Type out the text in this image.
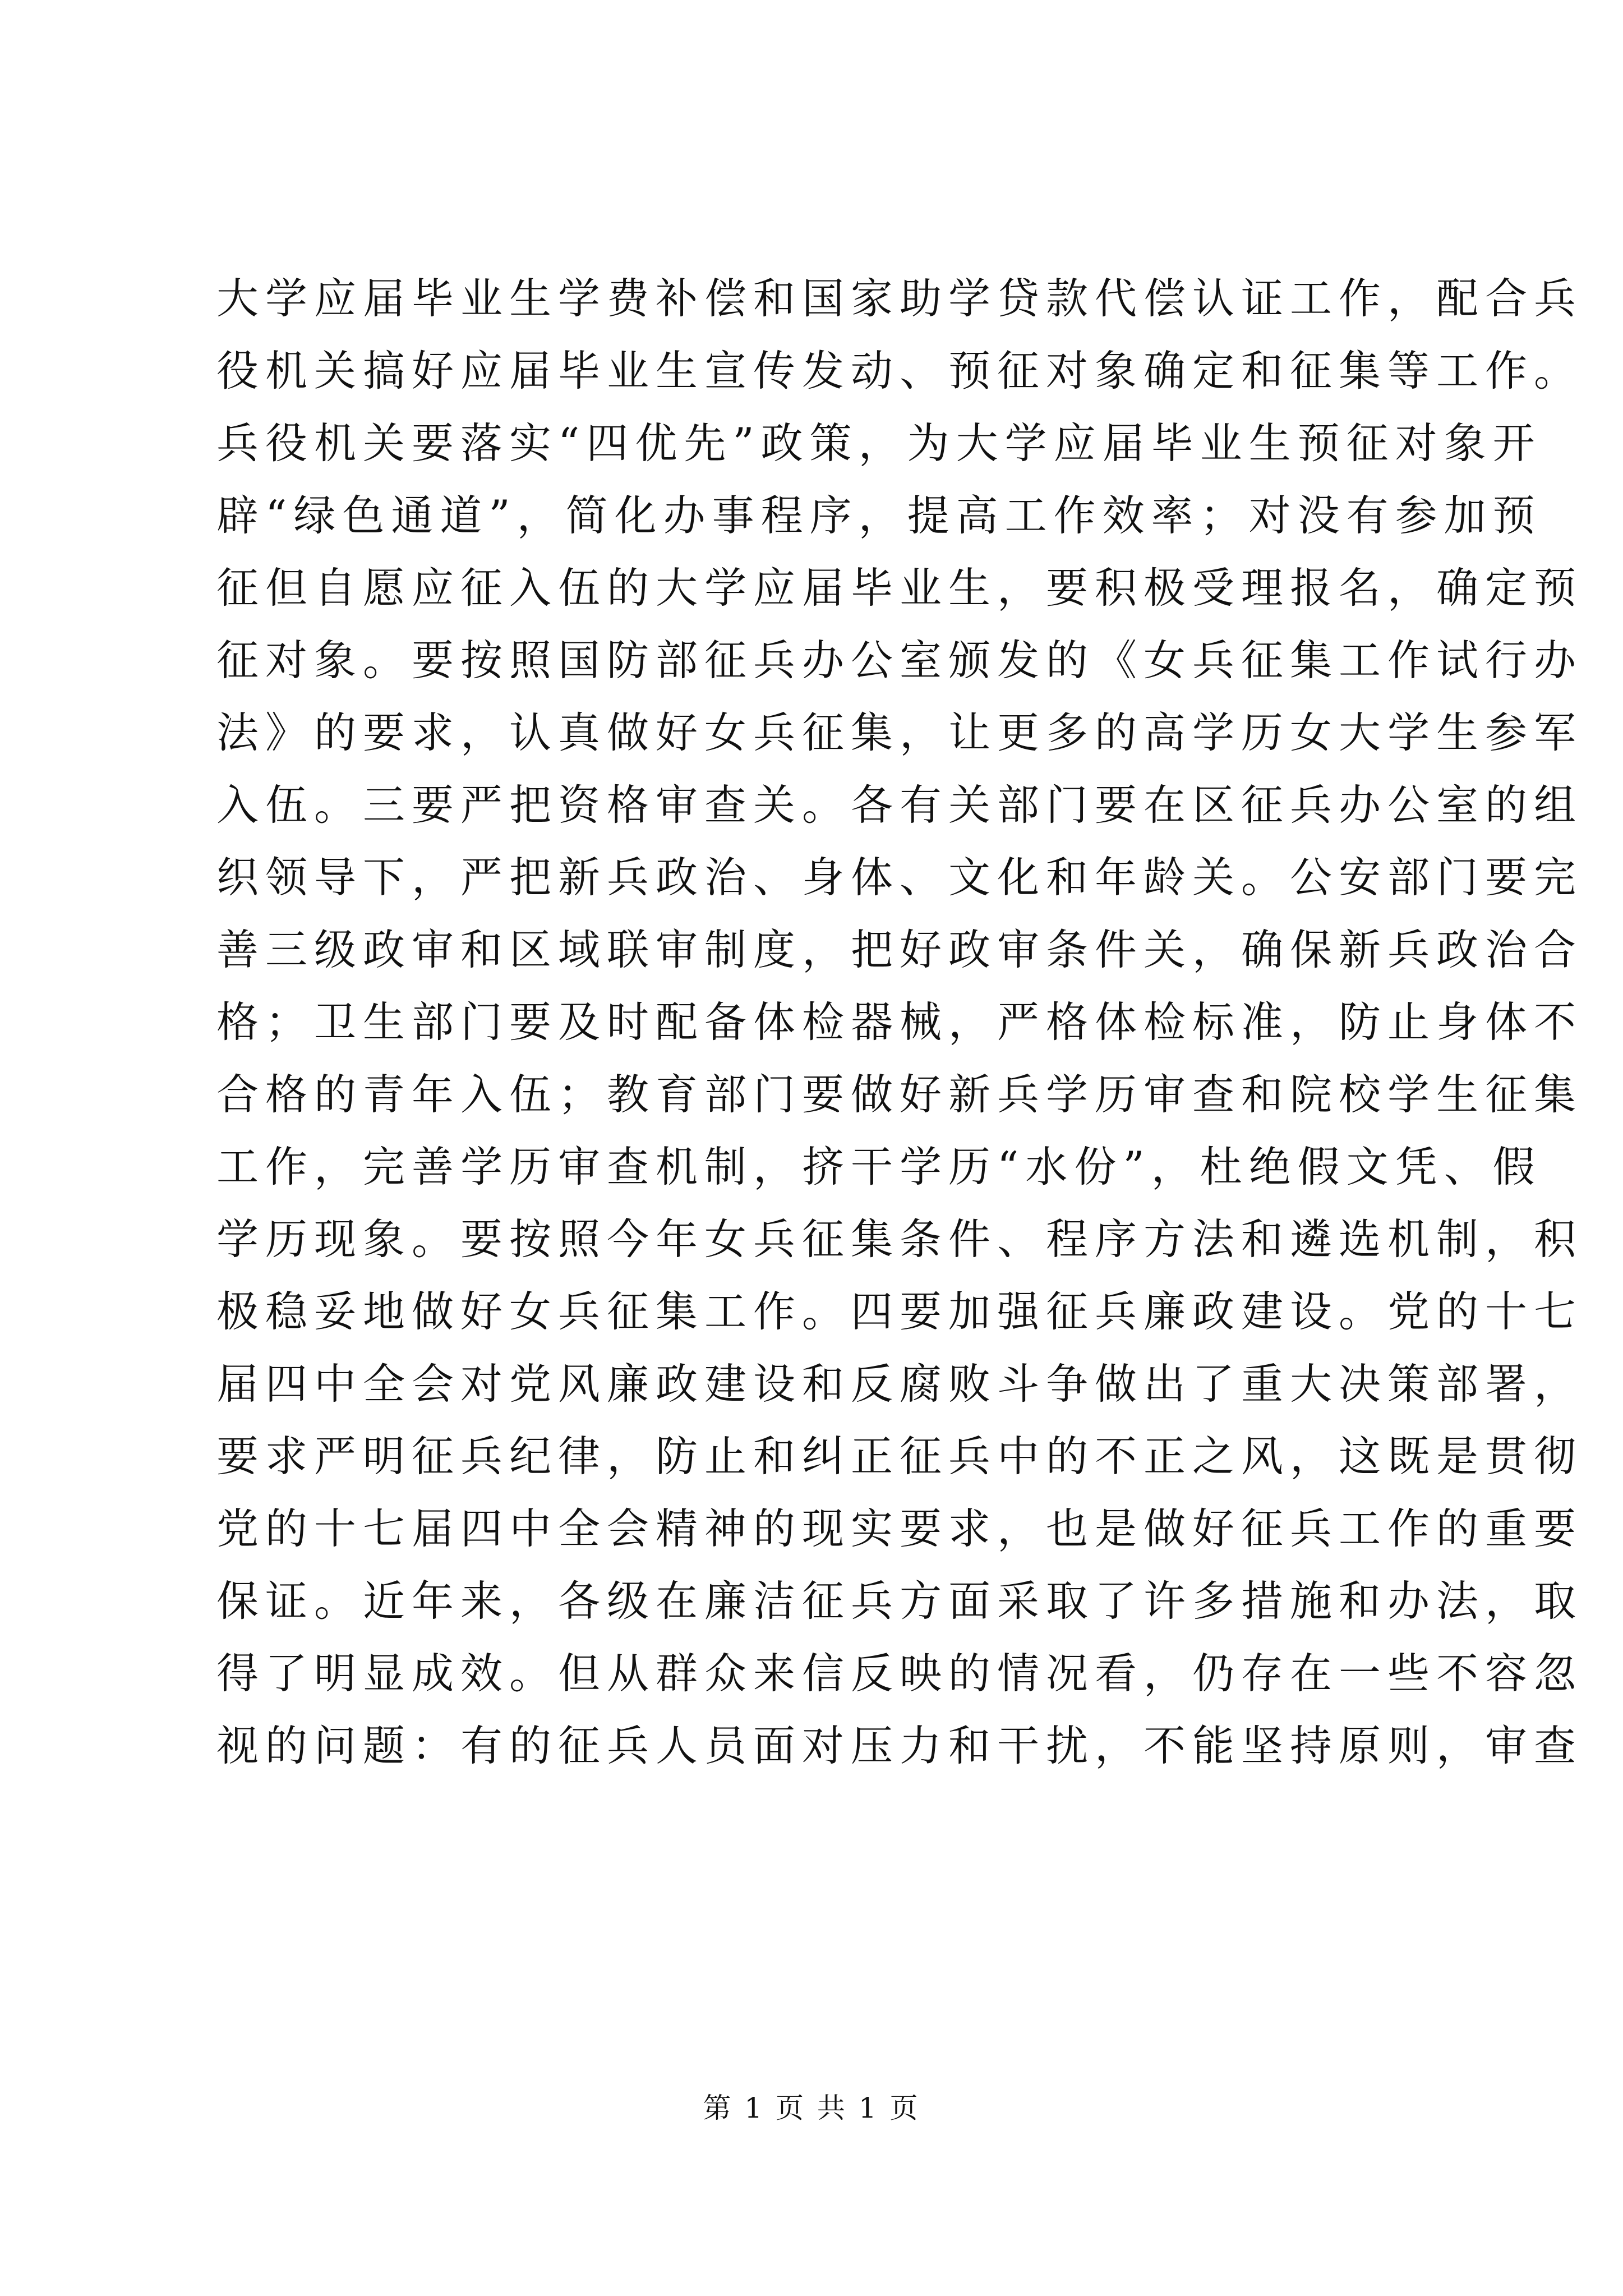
大学应届毕业生学费补偿和国家助学贷款代偿认证工作，配合兵
役机关搞好应届毕业生宣传发动、预征对象确定和征集等工作。
兵役机关要落实“四优先”政策，为大学应届毕业生预征对象开
辟“绿色通道”，简化办事程序，提高工作效率；对没有参加预
征但自愿应征入伍的大学应届毕业生，要积极受理报名，确定预
征对象。要按照国防部征兵办公室颁发的《女兵征集工作试行办
法》的要求，认真做好女兵征集，让更多的高学历女大学生参军
入伍。三要严把资格审查关。各有关部门要在区征兵办公室的组
织领导下，严把新兵政治、身体、文化和年龄关。公安部门要完
善三级政审和区域联审制度，把好政审条件关，确保新兵政治合
格；卫生部门要及时配备体检器械，严格体检标准，防止身体不
合格的青年入伍；教育部门要做好新兵学历审查和院校学生征集
工作，完善学历审查机制，挤干学历“水份”，杜绝假文凭、假
学历现象。要按照今年女兵征集条件、程序方法和遴选机制，积
极稳妥地做好女兵征集工作。四要加强征兵廉政建设。党的十七
届四中全会对党风廉政建设和反腐败斗争做出了重大决策部署，
要求严明征兵纪律，防止和纠正征兵中的不正之风，这既是贯彻
党的十七届四中全会精神的现实要求，也是做好征兵工作的重要
保证。近年来，各级在廉洁征兵方面采取了许多措施和办法，取
得了明显成效。但从群众来信反映的情况看，仍存在一些不容忽
视的问题：有的征兵人员面对压力和干扰，不能坚持原则，审查
第 1 页 共 1 页
